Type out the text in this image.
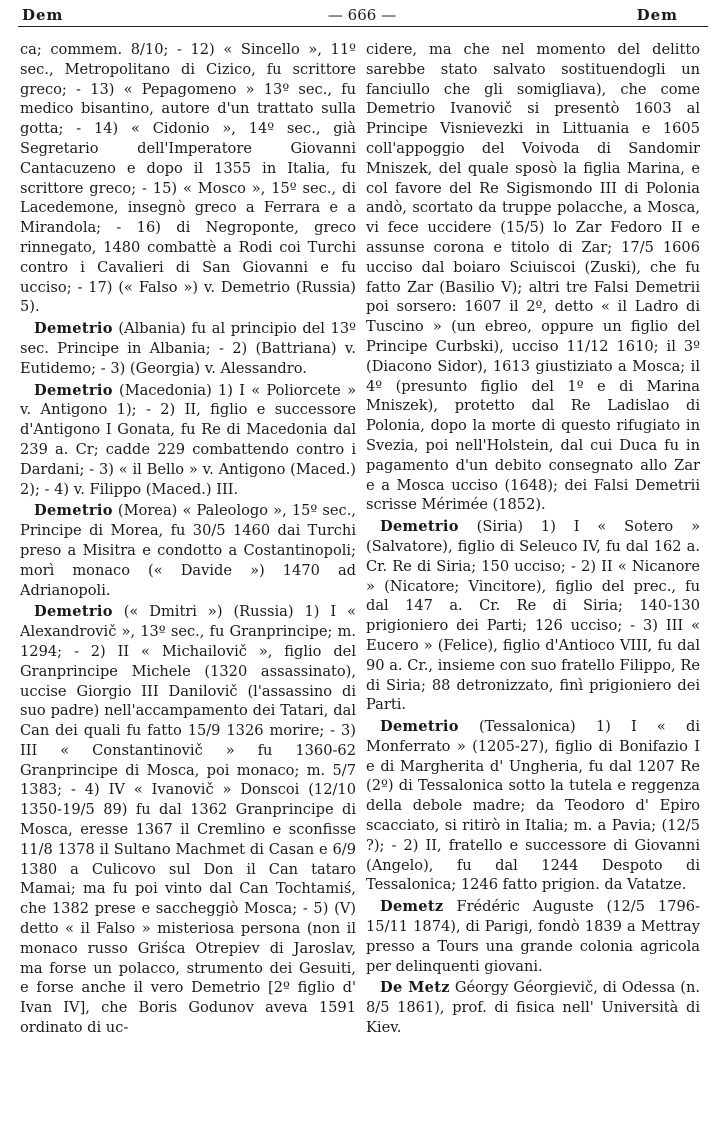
Dem	— 666 —	Dem

ca; commem. 8/10; - 12) « Sincello », 11º sec., Metropolitano di Cizico, fu scrittore greco; - 13) « Pepagomeno » 13º sec., fu medico bisantino, autore d'un trattato sulla gotta; - 14) « Cidonio », 14º sec., già Segretario dell'Imperatore Giovanni Cantacuzeno e dopo il 1355 in Italia, fu scrittore greco; - 15) « Mosco », 15º sec., di Lacedemone, insegnò greco a Ferrara e a Mirandola; - 16) di Negroponte, greco rinnegato, 1480 combattè a Rodi coi Turchi contro i Cavalieri di San Giovanni e fu ucciso; - 17) (« Falso ») v. Demetrio (Russia) 5).

Demetrio (Albania) fu al principio del 13º sec. Principe in Albania; - 2) (Battriana) v. Eutidemo; - 3) (Georgia) v. Alessandro.

Demetrio (Macedonia) 1) I « Poliorcete » v. Antigono 1); - 2) II, figlio e successore d'Antigono I Gonata, fu Re di Macedonia dal 239 a. Cr; cadde 229 combattendo contro i Dardani; - 3) « il Bello » v. Antigono (Maced.) 2); - 4) v. Filippo (Maced.) III.

Demetrio (Morea) « Paleologo », 15º sec., Principe di Morea, fu 30/5 1460 dai Turchi preso a Misitra e condotto a Costantinopoli; morì monaco (« Davide ») 1470 ad Adrianopoli.

Demetrio (« Dmitri ») (Russia) 1) I « Alexandrovič », 13º sec., fu Granprincipe; m. 1294; - 2) II « Michailovič », figlio del Granprincipe Michele (1320 assassinato), uccise Giorgio III Danilovič (l'assassino di suo padre) nell'accampamento dei Tatari, dal Can dei quali fu fatto 15/9 1326 morire; - 3) III « Constantinovič » fu 1360-62 Granprincipe di Mosca, poi monaco; m. 5/7 1383; - 4) IV « Ivanovič » Donscoi (12/10 1350-19/5 89) fu dal 1362 Granprincipe di Mosca, eresse 1367 il Cremlino e sconfisse 11/8 1378 il Sultano Machmet di Casan e 6/9 1380 a Culicovo sul Don il Can tataro Mamai; ma fu poi vinto dal Can Tochtamiś, che 1382 prese e saccheggiò Mosca; - 5) (V) detto « il Falso » misteriosa persona (non il monaco russo Griśca Otrepiev di Jaroslav, ma forse un polacco, strumento dei Gesuiti, e forse anche il vero Demetrio [2º figlio d' Ivan IV], che Boris Godunov aveva 1591 ordinato di uc-

cidere, ma che nel momento del delitto sarebbe stato salvato sostituendogli un fanciullo che gli somigliava), che come Demetrio Ivanovič si presentò 1603 al Principe Visnievezki in Littuania e 1605 coll'appoggio del Voivoda di Sandomir Mniszek, del quale sposò la figlia Marina, e col favore del Re Sigismondo III di Polonia andò, scortato da truppe polacche, a Mosca, vi fece uccidere (15/5) lo Zar Fedoro II e assunse corona e titolo di Zar; 17/5 1606 ucciso dal boiaro Sciuiscoi (Zuski), che fu fatto Zar (Basilio V); altri tre Falsi Demetrii poi sorsero: 1607 il 2º, detto « il Ladro di Tuscino » (un ebreo, oppure un figlio del Principe Curbski), ucciso 11/12 1610; il 3º (Diacono Sidor), 1613 giustiziato a Mosca; il 4º (presunto figlio del 1º e di Marina Mniszek), protetto dal Re Ladislao di Polonia, dopo la morte di questo rifugiato in Svezia, poi nell'Holstein, dal cui Duca fu in pagamento d'un debito consegnato allo Zar e a Mosca ucciso (1648); dei Falsi Demetrii scrisse Mérimée (1852).

Demetrio (Siria) 1) I « Sotero » (Salvatore), figlio di Seleuco IV, fu dal 162 a. Cr. Re di Siria; 150 ucciso; - 2) II « Nicanore » (Nicatore; Vincitore), figlio del prec., fu dal 147 a. Cr. Re di Siria; 140-130 prigioniero dei Parti; 126 ucciso; - 3) III « Eucero » (Felice), figlio d'Antioco VIII, fu dal 90 a. Cr., insieme con suo fratello Filippo, Re di Siria; 88 detronizzato, finì prigioniero dei Parti.

Demetrio (Tessalonica) 1) I « di Monferrato » (1205-27), figlio di Bonifazio I e di Margherita d' Ungheria, fu dal 1207 Re (2º) di Tessalonica sotto la tutela e reggenza della debole madre; da Teodoro d' Epiro scacciato, si ritirò in Italia; m. a Pavia; (12/5 ?); - 2) II, fratello e successore di Giovanni (Angelo), fu dal 1244 Despoto di Tessalonica; 1246 fatto prigion. da Vatatze.

Demetz Frédéric Auguste (12/5 1796-15/11 1874), di Parigi, fondò 1839 a Mettray presso a Tours una grande colonia agricola per delinquenti giovani.

De Metz Géorgy Géorgievič, di Odessa (n. 8/5 1861), prof. di fisica nell' Università di Kiev.
